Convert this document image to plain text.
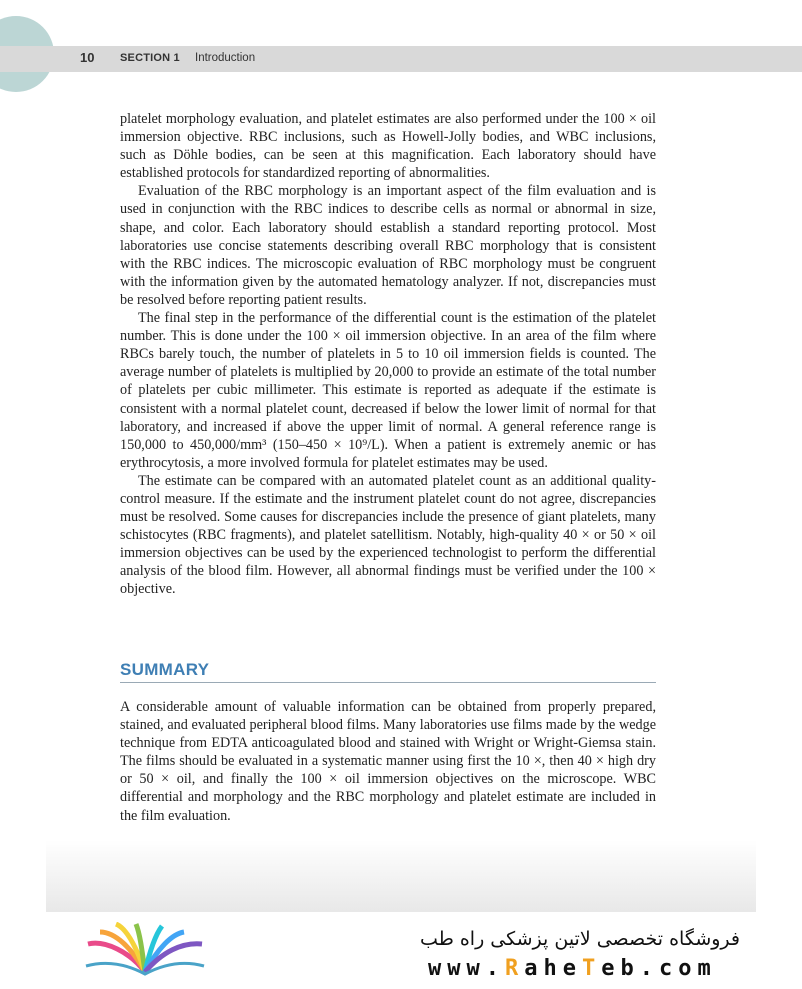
10 SECTION 1 Introduction

platelet morphology evaluation, and platelet estimates are also performed under the 100 × oil immersion objective. RBC inclusions, such as Howell-Jolly bodies, and WBC inclusions, such as Döhle bodies, can be seen at this magnification. Each laboratory should have established protocols for standardized reporting of abnormalities.

Evaluation of the RBC morphology is an important aspect of the film evaluation and is used in conjunction with the RBC indices to describe cells as normal or abnormal in size, shape, and color. Each laboratory should establish a standard reporting protocol. Most laboratories use concise statements describing overall RBC morphology that is consistent with the RBC indices. The microscopic evaluation of RBC morphology must be congruent with the information given by the automated hematology analyzer. If not, discrepancies must be resolved before reporting patient results.

The final step in the performance of the differential count is the estimation of the platelet number. This is done under the 100 × oil immersion objective. In an area of the film where RBCs barely touch, the number of platelets in 5 to 10 oil immersion fields is counted. The average number of platelets is multiplied by 20,000 to provide an estimate of the total number of platelets per cubic millimeter. This estimate is reported as adequate if the estimate is consistent with a normal platelet count, decreased if below the lower limit of normal for that laboratory, and increased if above the upper limit of normal. A general reference range is 150,000 to 450,000/mm³ (150–450 × 10⁹/L). When a patient is extremely anemic or has erythrocytosis, a more involved formula for platelet estimates may be used.

The estimate can be compared with an automated platelet count as an additional quality-control measure. If the estimate and the instrument platelet count do not agree, discrepancies must be resolved. Some causes for discrepancies include the presence of giant platelets, many schistocytes (RBC fragments), and platelet satellitism. Notably, high-quality 40 × or 50 × oil immersion objectives can be used by the experienced technologist to perform the differential analysis of the blood film. However, all abnormal findings must be verified under the 100 × objective.

SUMMARY

A considerable amount of valuable information can be obtained from properly prepared, stained, and evaluated peripheral blood films. Many laboratories use films made by the wedge technique from EDTA anticoagulated blood and stained with Wright or Wright-Giemsa stain. The films should be evaluated in a systematic manner using first the 10 ×, then 40 × high dry or 50 × oil, and finally the 100 × oil immersion objectives on the microscope. WBC differential and morphology and the RBC morphology and platelet estimate are included in the film evaluation.

فروشگاه تخصصی لاتین پزشکی راه طب
www.RaheTeb.com
